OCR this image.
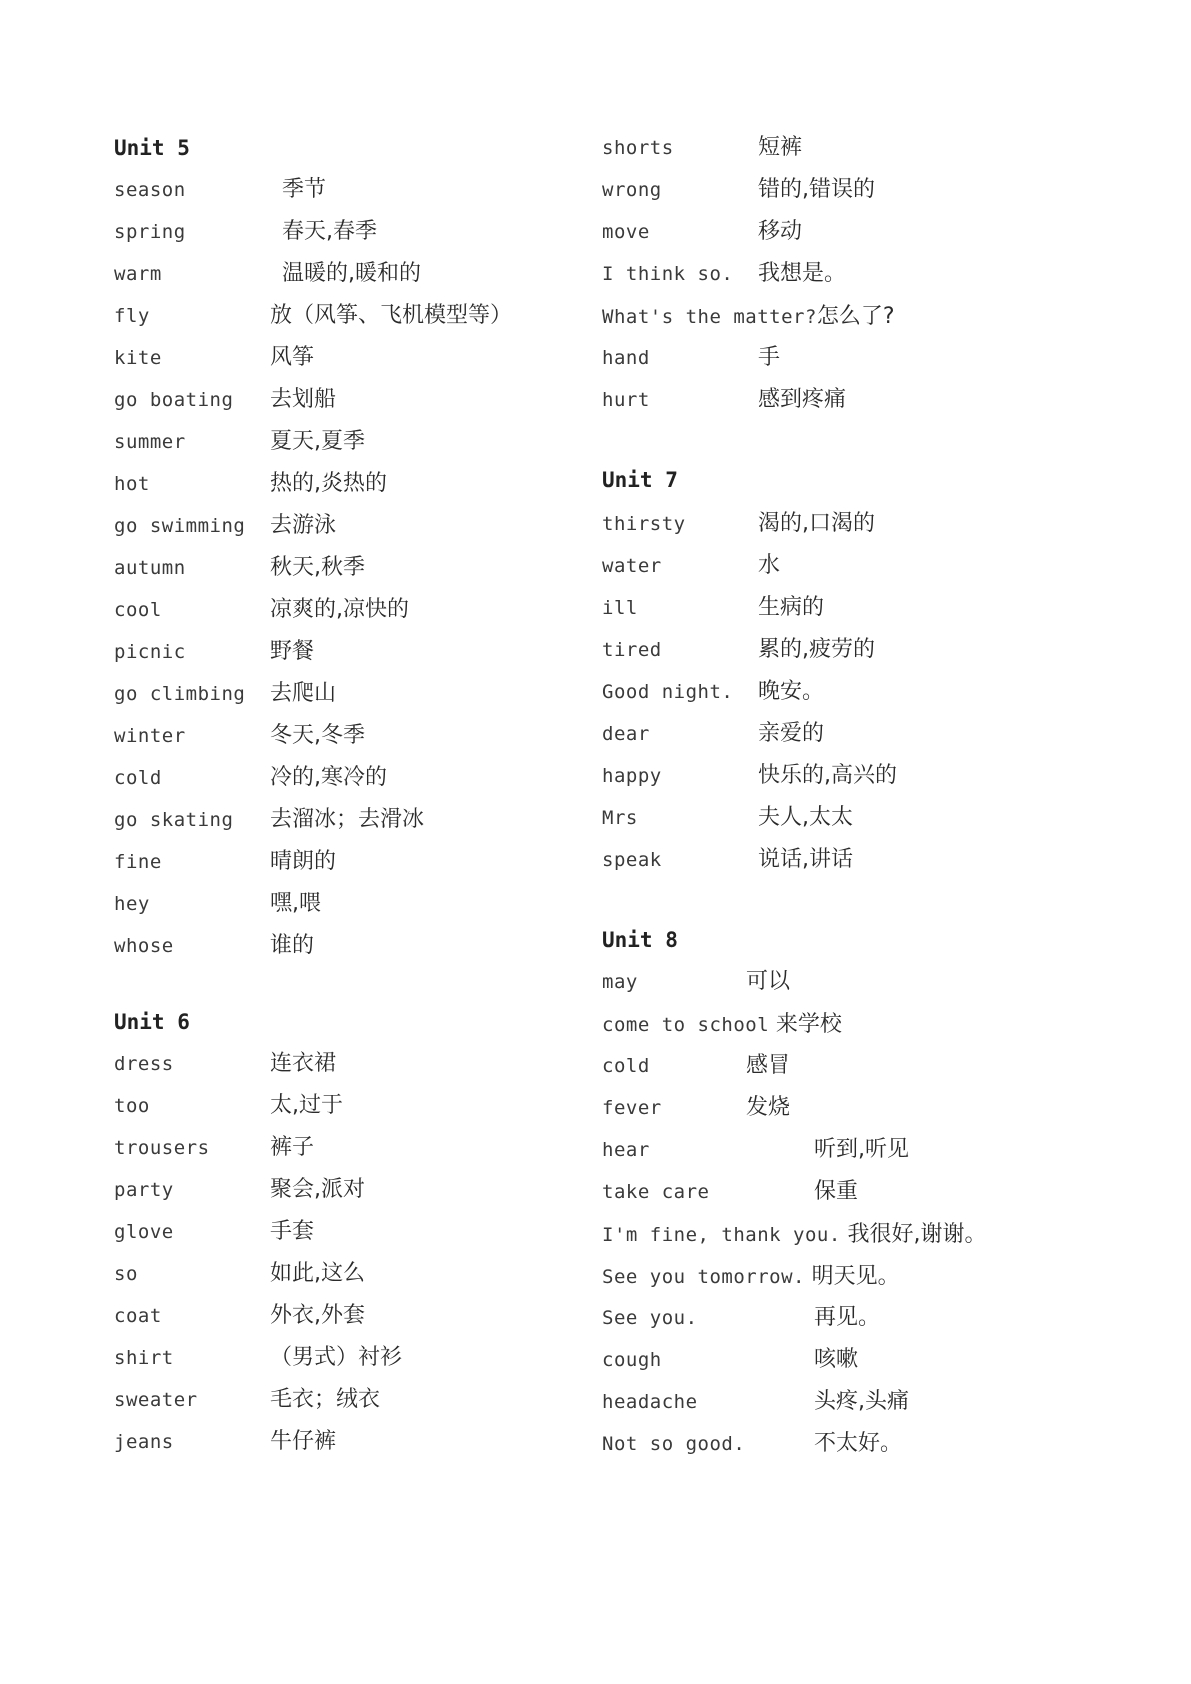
Unit 5
season	季节
spring	春天,春季
warm	温暖的,暖和的
fly	放（风筝、飞机模型等）
kite	风筝
go boating 去划船
summer	夏天,夏季
hot	热的,炎热的
go swimming 去游泳
autumn	秋天,秋季
cool	凉爽的,凉快的
picnic	野餐
go climbing 去爬山
winter	冬天,冬季
cold	冷的,寒冷的
go skating 去溜冰；去滑冰
fine	晴朗的
hey	嘿,喂
whose	谁的
Unit 6
dress	连衣裙
too	太,过于
trousers	裤子
party	聚会,派对
glove	手套
so	如此,这么
coat	外衣,外套
shirt	（男式）衬衫
sweater	毛衣；绒衣
jeans	牛仔裤
shorts	短裤
wrong	错的,错误的
move	移动
I think so. 我想是。
What's the matter?怎么了?
hand	手
hurt	感到疼痛
Unit 7
thirsty	渴的,口渴的
water	水
ill	生病的
tired	累的,疲劳的
Good night. 晚安。
dear	亲爱的
happy	快乐的,高兴的
Mrs	夫人,太太
speak	说话,讲话
Unit 8
may	可以
come to school 来学校
cold	感冒
fever	发烧
hear	听到,听见
take care	保重
I'm fine, thank you. 我很好,谢谢。
See you tomorrow. 明天见。
See you.	再见。
cough	咳嗽
headache	头疼,头痛
Not so good.	不太好。
